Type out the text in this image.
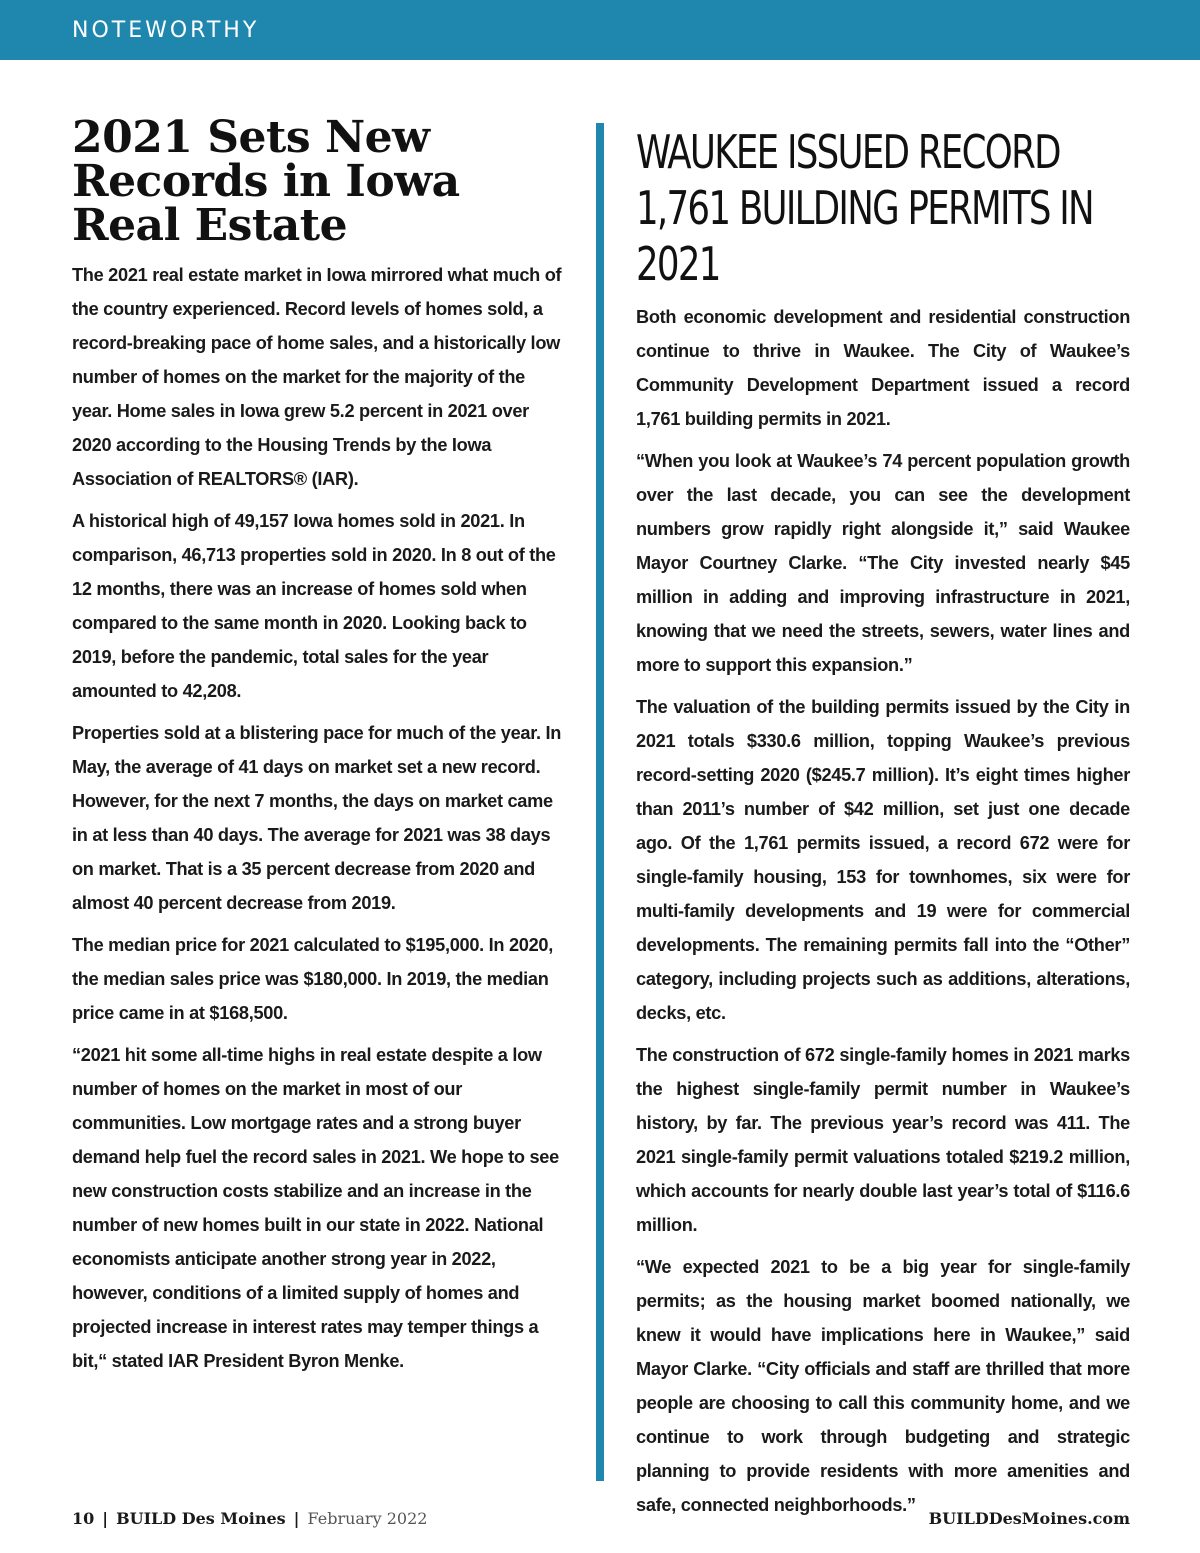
NOTEWORTHY
2021 Sets New Records in Iowa Real Estate

The 2021 real estate market in Iowa mirrored what much of the country experienced. Record levels of homes sold, a record-breaking pace of home sales, and a historically low number of homes on the market for the majority of the year. Home sales in Iowa grew 5.2 percent in 2021 over 2020 according to the Housing Trends by the Iowa Association of REALTORS® (IAR).

A historical high of 49,157 Iowa homes sold in 2021. In comparison, 46,713 properties sold in 2020. In 8 out of the 12 months, there was an increase of homes sold when compared to the same month in 2020. Looking back to 2019, before the pandemic, total sales for the year amounted to 42,208.

Properties sold at a blistering pace for much of the year. In May, the average of 41 days on market set a new record. However, for the next 7 months, the days on market came in at less than 40 days. The average for 2021 was 38 days on market. That is a 35 percent decrease from 2020 and almost 40 percent decrease from 2019.

The median price for 2021 calculated to $195,000. In 2020, the median sales price was $180,000. In 2019, the median price came in at $168,500.

“2021 hit some all-time highs in real estate despite a low number of homes on the market in most of our communities. Low mortgage rates and a strong buyer demand help fuel the record sales in 2021. We hope to see new construction costs stabilize and an increase in the number of new homes built in our state in 2022. National economists anticipate another strong year in 2022, however, conditions of a limited supply of homes and projected increase in interest rates may temper things a bit,“ stated IAR President Byron Menke.

WAUKEE ISSUED RECORD 1,761 BUILDING PERMITS IN 2021

Both economic development and residential construction continue to thrive in Waukee. The City of Waukee’s Community Development Department issued a record 1,761 building permits in 2021.

“When you look at Waukee’s 74 percent population growth over the last decade, you can see the development numbers grow rapidly right alongside it,” said Waukee Mayor Courtney Clarke. “The City invested nearly $45 million in adding and improving infrastructure in 2021, knowing that we need the streets, sewers, water lines and more to support this expansion.”

The valuation of the building permits issued by the City in 2021 totals $330.6 million, topping Waukee’s previous record-setting 2020 ($245.7 million). It’s eight times higher than 2011’s number of $42 million, set just one decade ago. Of the 1,761 permits issued, a record 672 were for single-family housing, 153 for townhomes, six were for multi-family developments and 19 were for commercial developments. The remaining permits fall into the “Other” category, including projects such as additions, alterations, decks, etc.

The construction of 672 single-family homes in 2021 marks the highest single-family permit number in Waukee’s history, by far. The previous year’s record was 411. The 2021 single-family permit valuations totaled $219.2 million, which accounts for nearly double last year’s total of $116.6 million.

“We expected 2021 to be a big year for single-family permits; as the housing market boomed nationally, we knew it would have implications here in Waukee,” said Mayor Clarke. “City officials and staff are thrilled that more people are choosing to call this community home, and we continue to work through budgeting and strategic planning to provide residents with more amenities and safe, connected neighborhoods.”

10 | BUILD Des Moines | February 2022	BUILDDesMoines.com
